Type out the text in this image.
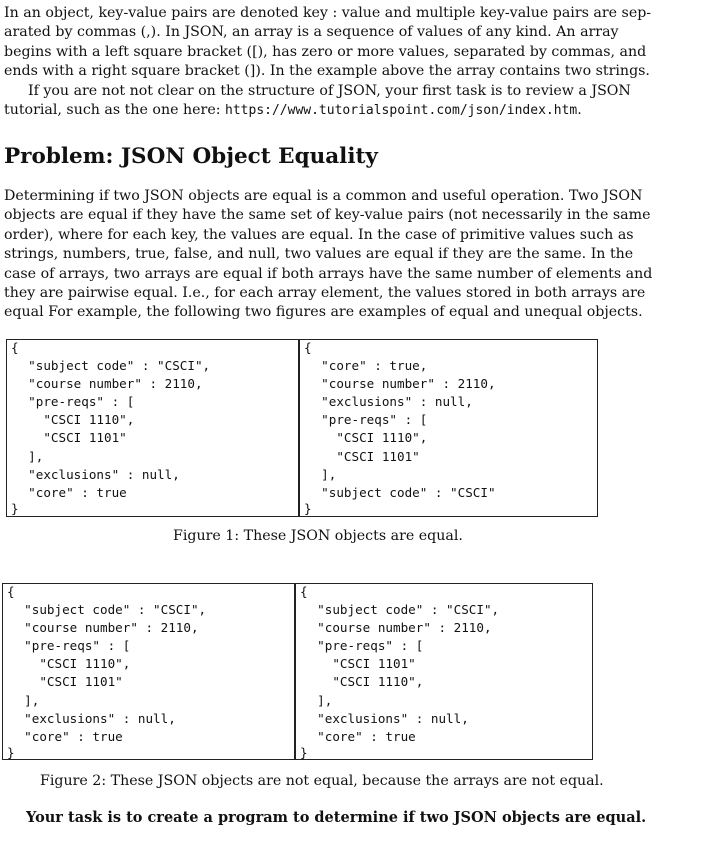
In an object, key-value pairs are denoted key : value and multiple key-value pairs are sep-
arated by commas (,). In JSON, an array is a sequence of values of any kind. An array
begins with a left square bracket ([), has zero or more values, separated by commas, and
ends with a right square bracket (]). In the example above the array contains two strings.
If you are not not clear on the structure of JSON, your first task is to review a JSON
tutorial, such as the one here: https://www.tutorialspoint.com/json/index.htm.
Problem: JSON Object Equality
Determining if two JSON objects are equal is a common and useful operation. Two JSON
objects are equal if they have the same set of key-value pairs (not necessarily in the same
order), where for each key, the values are equal. In the case of primitive values such as
strings, numbers, true, false, and null, two values are equal if they are the same. In the
case of arrays, two arrays are equal if both arrays have the same number of elements and
they are pairwise equal. I.e., for each array element, the values stored in both arrays are
equal For example, the following two figures are examples of equal and unequal objects.
{
"subject code" : "CSCI",
"course number" : 2110,
"pre-reqs" : [
"CSCI 1110",
"CSCI 1101"
],
"exclusions" : null,
"core" : true
}
{
"core" : true,
"course number" : 2110,
"exclusions" : null,
"pre-reqs" : [
"CSCI 1110",
"CSCI 1101"
],
"subject code" : "CSCI"
}
Figure 1: These JSON objects are equal.
{
"subject code" : "CSCI",
"course number" : 2110,
"pre-reqs" : [
"CSCI 1110",
"CSCI 1101"
],
"exclusions" : null,
"core" : true
}
{
"subject code" : "CSCI",
"course number" : 2110,
"pre-reqs" : [
"CSCI 1101"
"CSCI 1110",
],
"exclusions" : null,
"core" : true
}
Figure 2: These JSON objects are not equal, because the arrays are not equal.
Your task is to create a program to determine if two JSON objects are equal.
